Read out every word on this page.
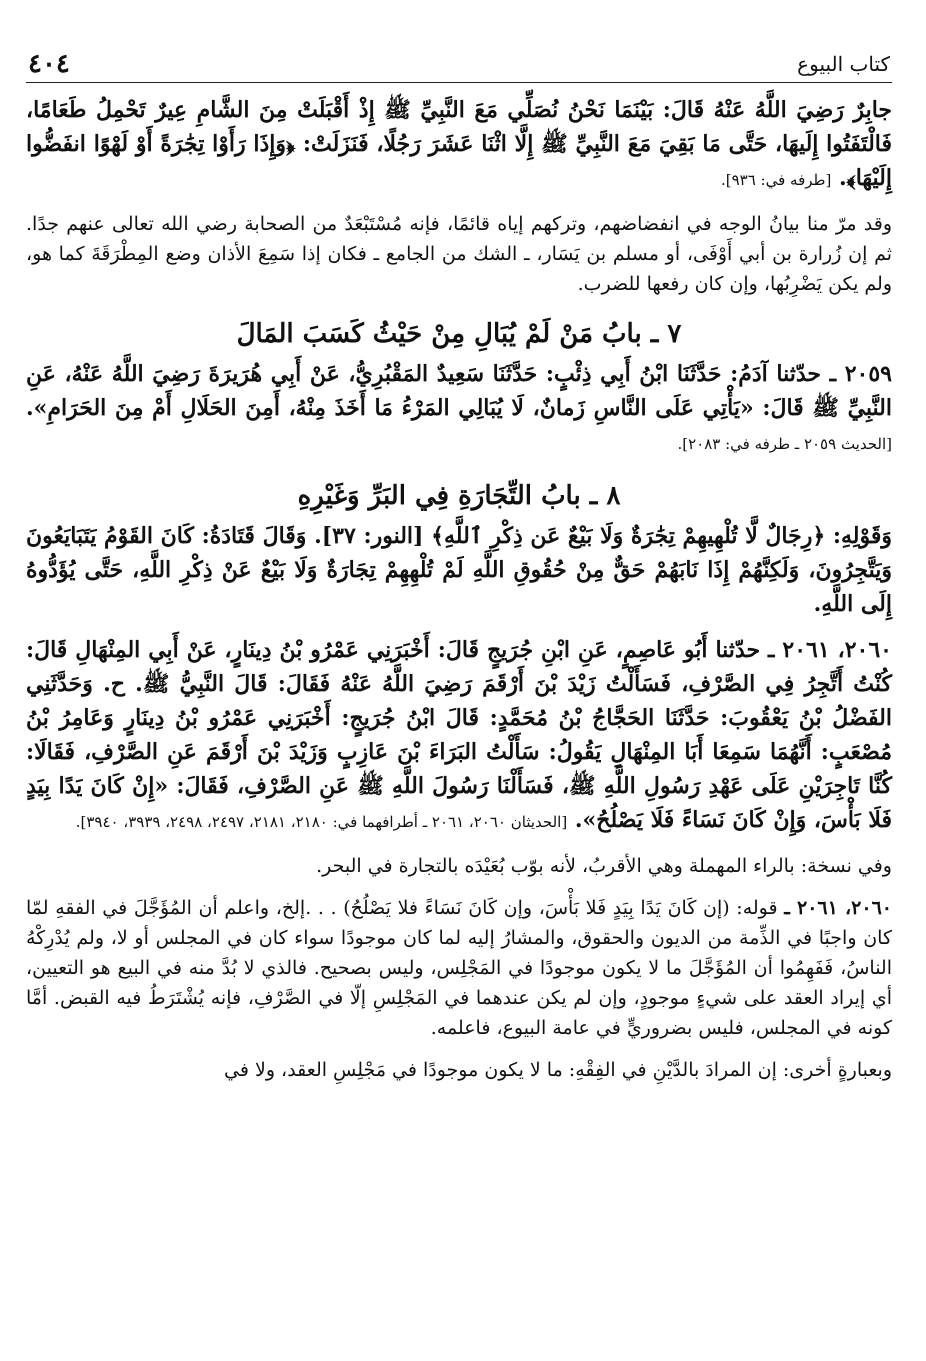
كتاب البيوع
٤٠٤

جابِرٌ رَضِيَ اللَّهُ عَنْهُ قَالَ: بَيْنَمَا نَحْنُ نُصَلِّي مَعَ النَّبِيِّ ﷺ إِذْ أَقْبَلَتْ مِنَ الشَّامِ عِيرٌ تَحْمِلُ طَعَامًا، فَالْتَفَتُوا إِلَيهَا، حَتَّى مَا بَقِيَ مَعَ النَّبِيِّ ﷺ إِلَّا اثْنَا عَشَرَ رَجُلًا، فَنَزَلَتْ: ﴿وَإِذَا رَأَوْا تِجَٰرَةً أَوْ لَهْوًا انفَضُّوا إِلَيْهَا﴾. [طرفه في: ٩٣٦].

وقد مرّ منا بيانُ الوجه في انفضاضهم، وتركهم إياه قائمًا، فإنه مُسْتَبْعَدٌ من الصحابة رضي الله تعالى عنهم جدًا. ثم إن زُرارة بن أبي أَوْفَى، أو مسلم بن يَسَار، ـ الشك من الجامع ـ فكان إذا سَمِعَ الأذان وضع المِطْرَقَةَ كما هو، ولم يكن يَضْرِبُها، وإن كان رفعها للضرب.

٧ ـ بابُ مَنْ لَمْ يُبَالِ مِنْ حَيْثُ كَسَبَ المَالَ

٢٠٥٩ ـ حدّثنا آدَمُ: حَدَّثَنَا ابْنُ أَبِي ذِئْبٍ: حَدَّثَنَا سَعِيدٌ المَقْبُرِيُّ، عَنْ أَبِي هُرَيرَةَ رَضِيَ اللَّهُ عَنْهُ، عَنِ النَّبِيِّ ﷺ قَالَ: «يَأْتِي عَلَى النَّاسِ زَمانٌ، لَا يُبَالِي المَرْءُ مَا أَخَذَ مِنْهُ، أَمِنَ الحَلَالِ أَمْ مِنَ الحَرَامِ». [الحديث ٢٠٥٩ ـ طرفه في: ٢٠٨٣].

٨ ـ بابُ التِّجَارَةِ فِي البَرِّ وَغَيْرِهِ

وَقَوْلِهِ: ﴿رِجَالٌ لَّا تُلْهِيهِمْ تِجَٰرَةٌ وَلَا بَيْعٌ عَن ذِكْرِ ٱللَّهِ﴾ [النور: ٣٧]. وَقَالَ قَتَادَةُ: كَانَ القَوْمُ يَتَبَايَعُونَ وَيَتَّجِرُونَ، وَلَكِنَّهُمْ إِذَا نَابَهُمْ حَقٌّ مِنْ حُقُوقِ اللَّهِ لَمْ تُلْهِهِمْ تِجَارَةٌ وَلَا بَيْعٌ عَنْ ذِكْرِ اللَّهِ، حَتَّى يُؤَدُّوهُ إِلَى اللَّهِ.

٢٠٦٠، ٢٠٦١ ـ حدّثنا أَبُو عَاصِمٍ، عَنِ ابْنِ جُرَيجٍ قَالَ: أَخْبَرَنِي عَمْرُو بْنُ دِينَارٍ، عَنْ أَبِي المِنْهَالِ قَالَ: كُنْتُ أَتَّجِرُ فِي الصَّرْفِ، فَسَأَلْتُ زَيْدَ بْنَ أَرْقَمَ رَضِيَ اللَّهُ عَنْهُ فَقَالَ: قَالَ النَّبِيُّ ﷺ. ح. وَحَدَّثَنِي الفَضْلُ بْنُ يَعْقُوبَ: حَدَّثَنَا الحَجَّاجُ بْنُ مُحَمَّدٍ: قَالَ ابْنُ جُرَيجٍ: أَخْبَرَنِي عَمْرُو بْنُ دِينَارٍ وَعَامِرُ بْنُ مُصْعَبٍ: أَنَّهُمَا سَمِعَا أَبَا المِنْهَالِ يَقُولُ: سَأَلْتُ البَرَاءَ بْنَ عَازِبٍ وَزَيْدَ بْنَ أَرْقَمَ عَنِ الصَّرْفِ، فَقَالَا: كُنَّا تَاجِرَيْنِ عَلَى عَهْدِ رَسُولِ اللَّهِ ﷺ، فَسَأَلْنَا رَسُولَ اللَّهِ ﷺ عَنِ الصَّرْفِ، فَقَالَ: «إِنْ كَانَ يَدًا بِيَدٍ فَلَا بَأْسَ، وَإِنْ كَانَ نَسَاءً فَلَا يَصْلُحُ». [الحديثان ٢٠٦٠، ٢٠٦١ ـ أطرافهما في: ٢١٨٠، ٢١٨١، ٢٤٩٧، ٢٤٩٨، ٣٩٣٩، ٣٩٤٠].

وفي نسخة: بالراء المهملة وهي الأقربُ، لأنه بوّب بُعَيْدَه بالتجارة في البحر.

٢٠٦٠، ٢٠٦١ ـ قوله: (إن كَانَ يَدًا بِيَدٍ فَلا بَأْسَ، وإن كَانَ نَسَاءً فلا يَصْلُحُ) . . .إلخ، واعلم أن المُؤَجَّلَ في الفقهِ لمّا كان واجبًا في الذِّمة من الديون والحقوق، والمشارُ إليه لما كان موجودًا سواء كان في المجلس أو لا، ولم يُدْرِكْهُ الناسُ، فَفَهِمُوا أن المُؤَجَّلَ ما لا يكون موجودًا في المَجْلِس، وليس بصحيح. فالذي لا بُدَّ منه في البيع هو التعيين، أي إيراد العقد على شيءٍ موجودٍ، وإن لم يكن عندهما في المَجْلِسِ إلّا في الصَّرْفِ، فإنه يُشْتَرَطُ فيه القبض. أمَّا كونه في المجلس، فليس بضروريٍّ في عامة البيوع، فاعلمه.

وبعبارةٍ أخرى: إن المرادَ بالدَّيْنِ في الفِقْهِ: ما لا يكون موجودًا في مَجْلِسِ العقد، ولا في
